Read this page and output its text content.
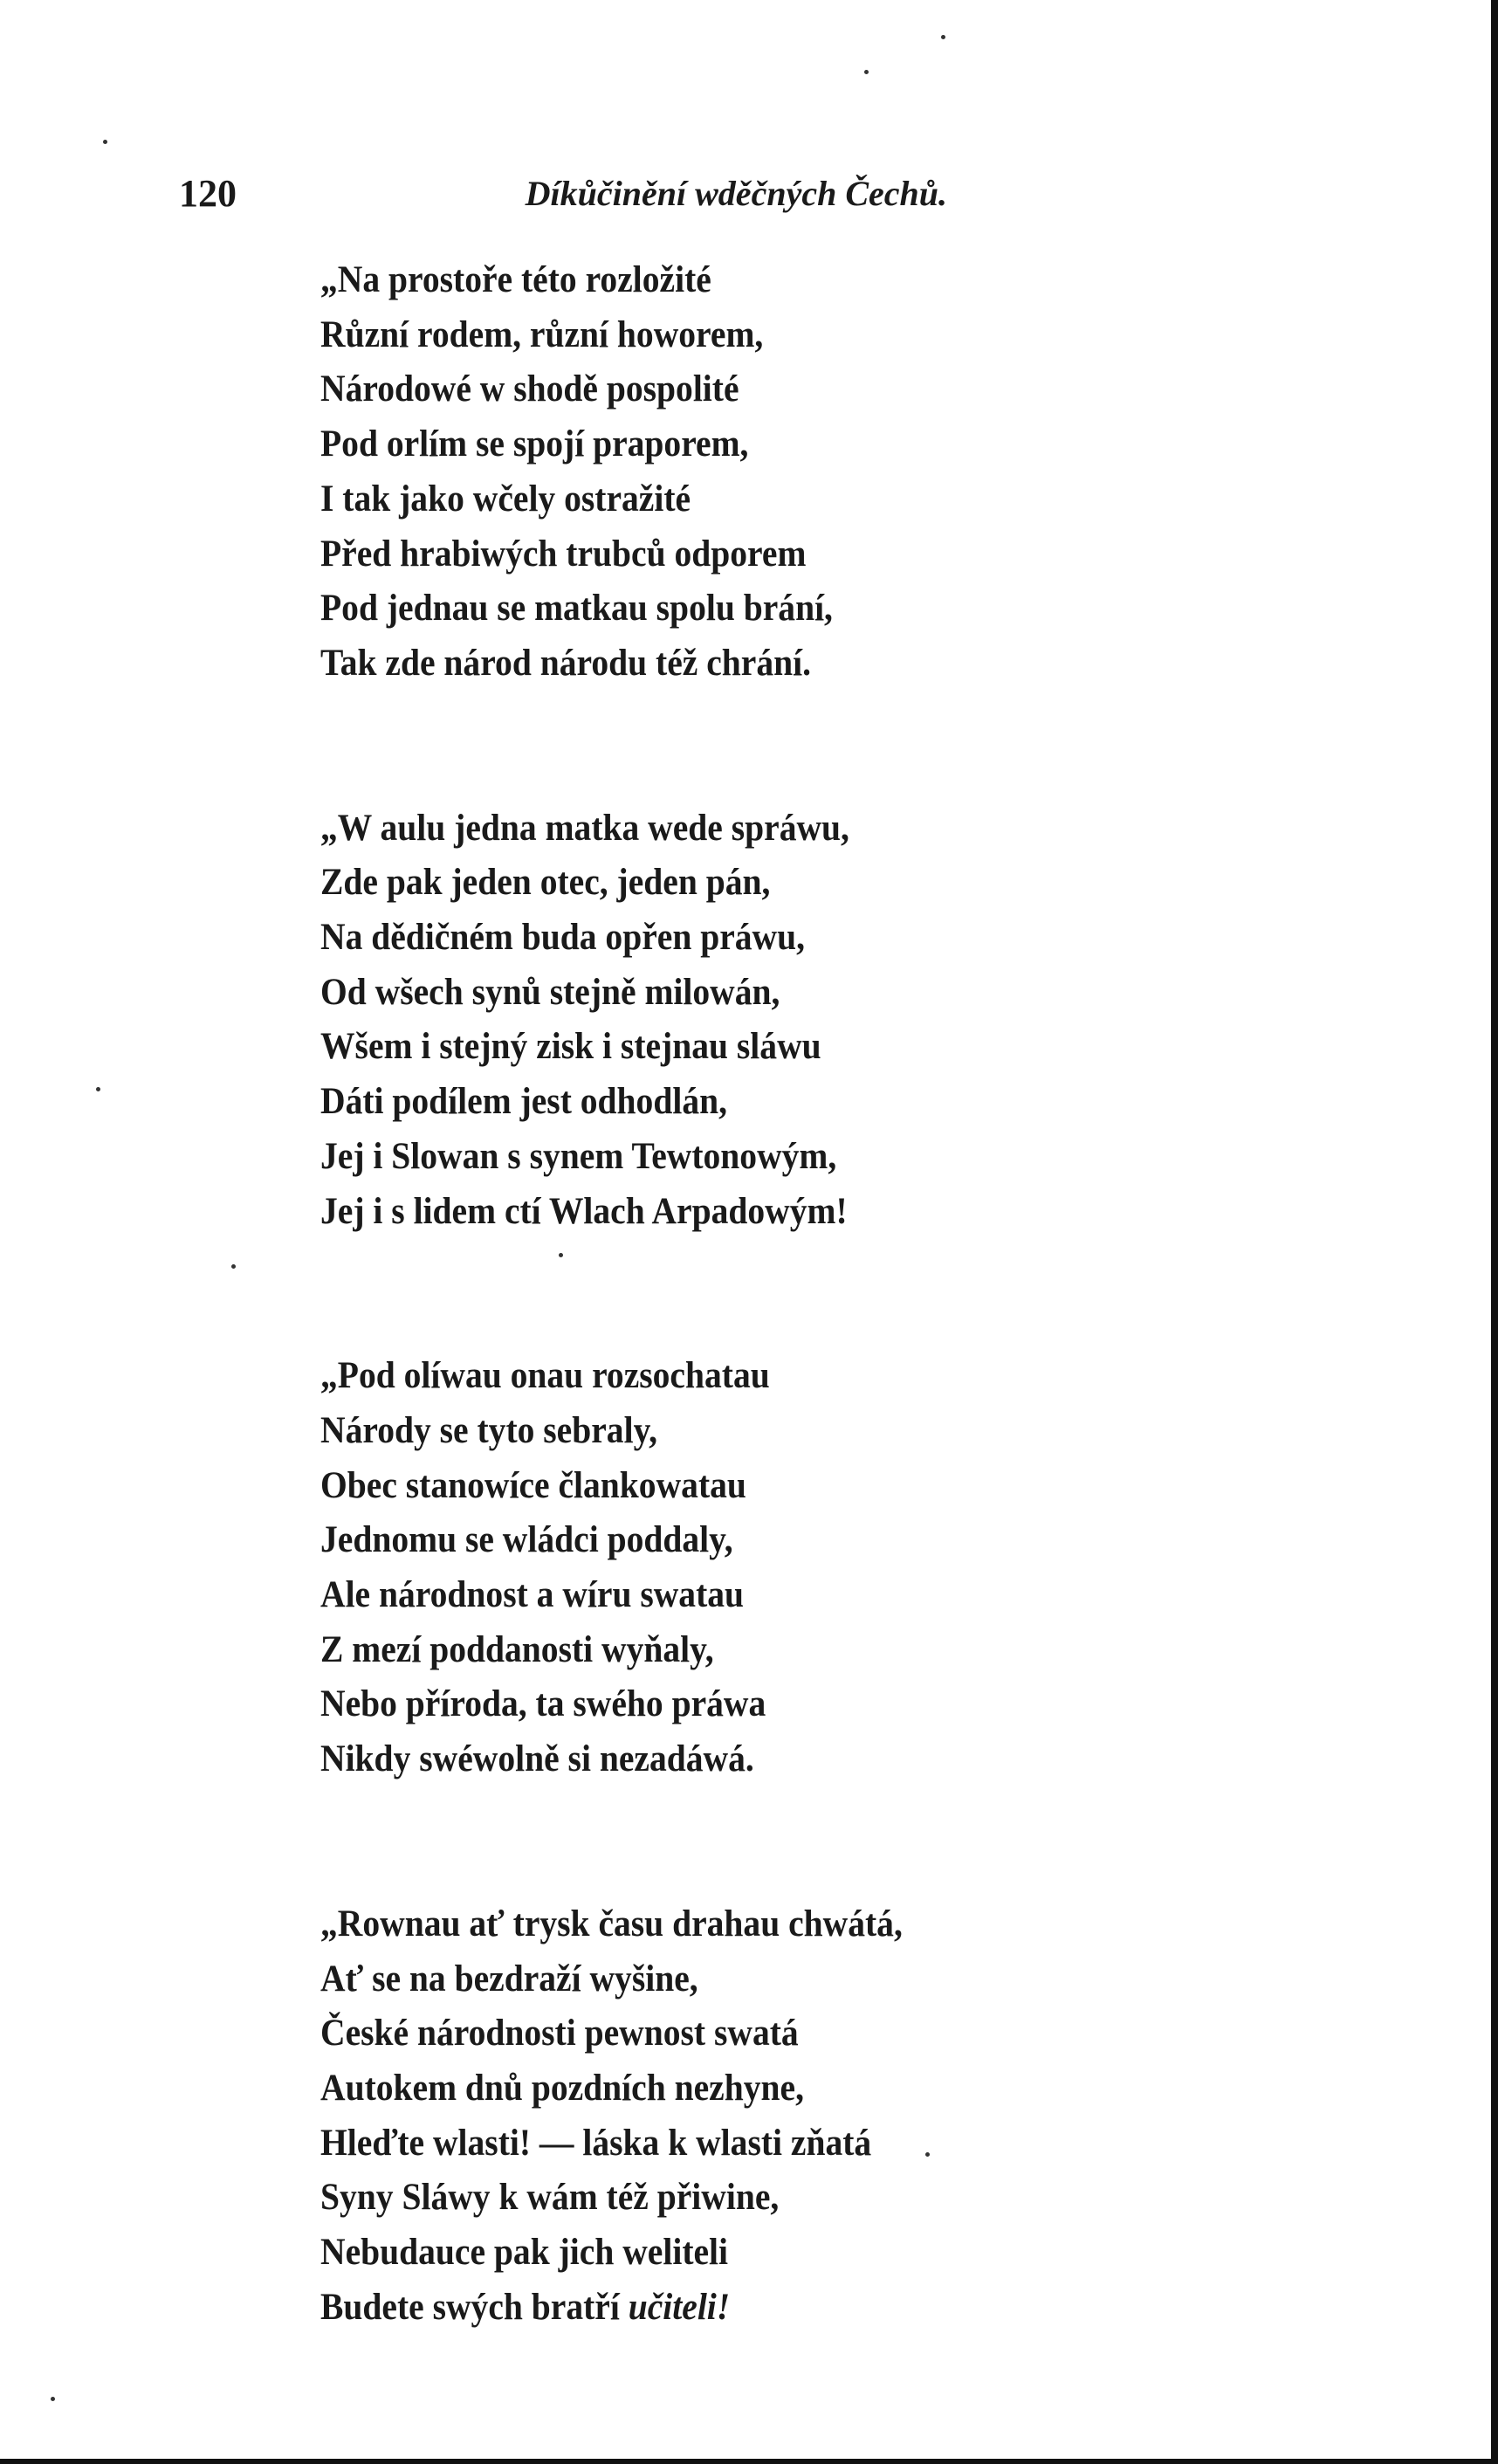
120	Díkůčinění wděčných Čechů.
„Na prostoře této rozložité
Různí rodem, různí howorem,
Národowé w shodě pospolité
Pod orlím se spojí praporem,
I tak jako wčely ostražité
Před hrabiwých trubců odporem
Pod jednau se matkau spolu brání,
Tak zde národ národu též chrání.
„W aulu jedna matka wede spráwu,
Zde pak jeden otec, jeden pán,
Na dědičném buda opřen práwu,
Od wšech synů stejně milowán,
Wšem i stejný zisk i stejnau sláwu
Dáti podílem jest odhodlán,
Jej i Slowan s synem Tewtonowým,
Jej i s lidem ctí Wlach Arpadowým!
„Pod olíwau onau rozsochatau
Národy se tyto sebraly,
Obec stanowíce člankowatau
Jednomu se wládci poddaly,
Ale národnost a wíru swatau
Z mezí poddanosti wyňaly,
Nebo příroda, ta swého práwa
Nikdy swéwolně si nezadáwá.
„Rownau ať trysk času drahau chwátá,
Ať se na bezdraží wyšine,
České národnosti pewnost swatá
Autokem dnů pozdních nezhyne,
Hleďte wlasti! — láska k wlasti zňatá
Syny Sláwy k wám též přiwine,
Nebudauce pak jich weliteli
Budete swých bratří učiteli!
